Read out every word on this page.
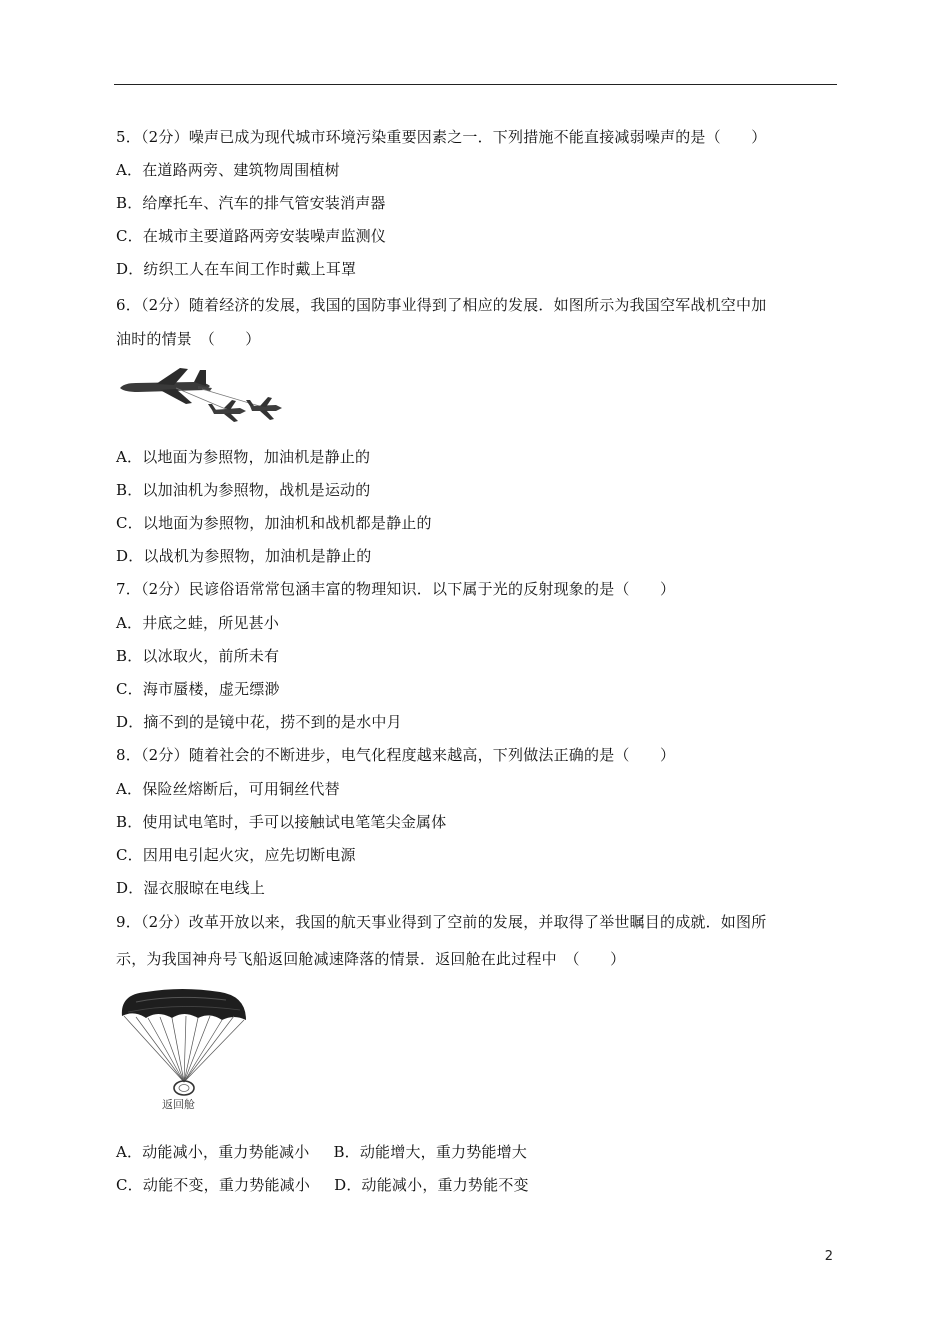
5．（2分）噪声已成为现代城市环境污染重要因素之一．下列措施不能直接减弱噪声的是（　　）
A．在道路两旁、建筑物周围植树
B．给摩托车、汽车的排气管安装消声器
C．在城市主要道路两旁安装噪声监测仪
D．纺织工人在车间工作时戴上耳罩
6．（2分）随着经济的发展，我国的国防事业得到了相应的发展．如图所示为我国空军战机空中加
油时的情景　（　　）
A．以地面为参照物，加油机是静止的
B．以加油机为参照物，战机是运动的
C．以地面为参照物，加油机和战机都是静止的
D．以战机为参照物，加油机是静止的
7．（2分）民谚俗语常常包涵丰富的物理知识．以下属于光的反射现象的是（　　）
A．井底之蛙，所见甚小
B．以冰取火，前所未有
C．海市蜃楼，虚无缥渺
D．摘不到的是镜中花，捞不到的是水中月
8．（2分）随着社会的不断进步，电气化程度越来越高，下列做法正确的是（　　）
A．保险丝熔断后，可用铜丝代替
B．使用试电笔时，手可以接触试电笔笔尖金属体
C．因用电引起火灾，应先切断电源
D．湿衣服晾在电线上
9．（2分）改革开放以来，我国的航天事业得到了空前的发展，并取得了举世瞩目的成就．如图所
示，为我国神舟号飞船返回舱减速降落的情景．返回舱在此过程中　（　　）
返回舱
A．动能减小，重力势能减小 B．动能增大，重力势能增大
C．动能不变，重力势能减小 D．动能减小，重力势能不变
2
